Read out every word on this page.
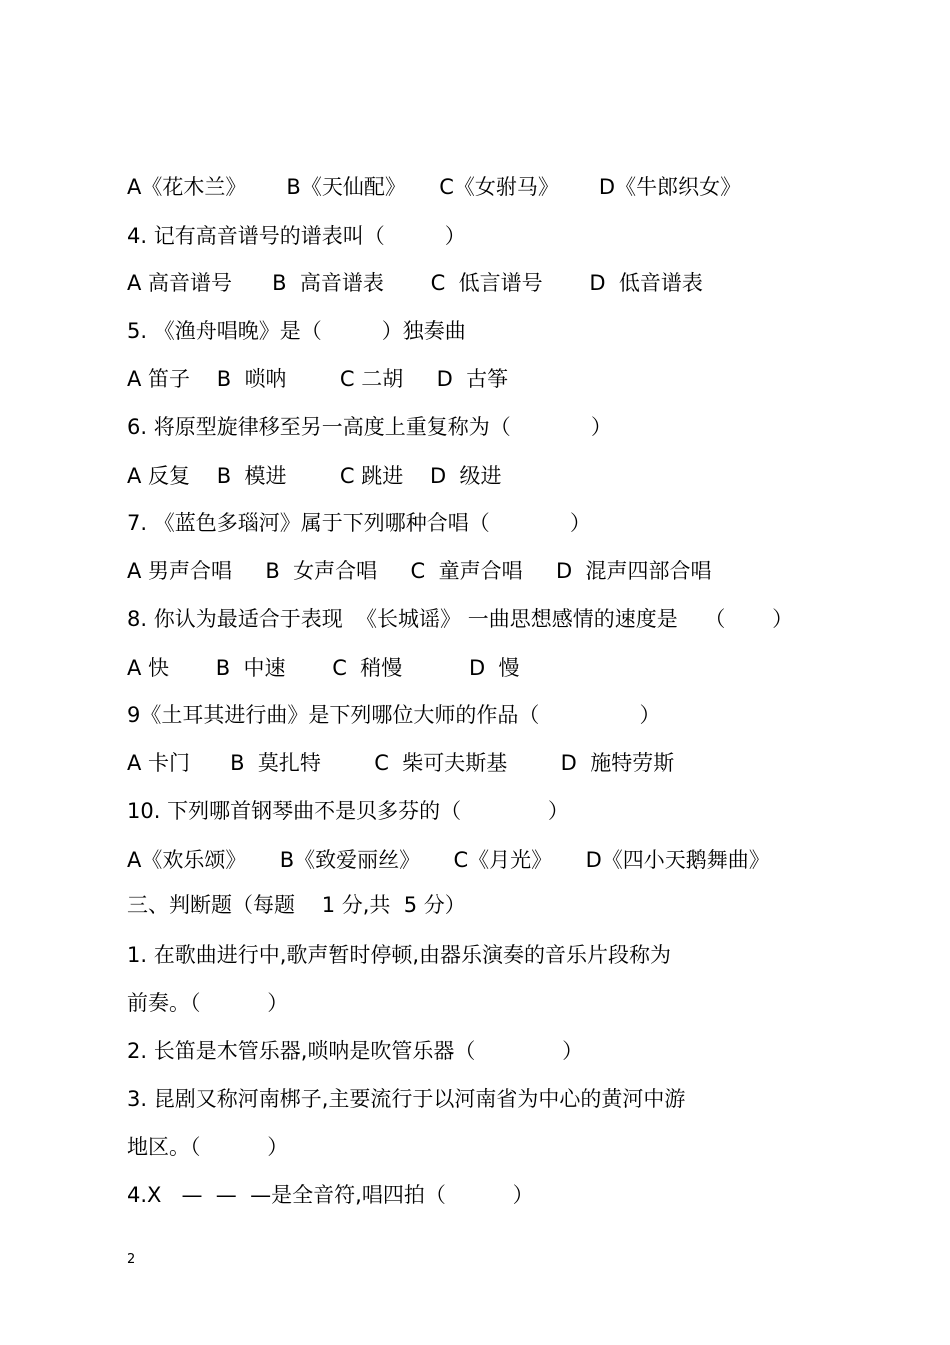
A《花木兰》      B《天仙配》     C《女驸马》      D《牛郎织女》
4. 记有高音谱号的谱表叫（         ）
A 高音谱号      B  高音谱表       C  低言谱号       D  低音谱表
5. 《渔舟唱晚》是（         ）独奏曲
A 笛子    B  唢呐        C 二胡     D  古筝
6. 将原型旋律移至另一高度上重复称为（            ）
A 反复    B  模进        C 跳进    D  级进
7. 《蓝色多瑙河》属于下列哪种合唱（            ）
A 男声合唱     B  女声合唱     C  童声合唱     D  混声四部合唱
8. 你认为最适合于表现  《长城谣》 一曲思想感情的速度是    （       ）
A 快       B  中速       C  稍慢          D  慢
9《土耳其进行曲》是下列哪位大师的作品（               ）
A 卡门      B  莫扎特        C  柴可夫斯基        D  施特劳斯
10. 下列哪首钢琴曲不是贝多芬的（             ）
A《欢乐颂》     B《致爱丽丝》     C《月光》     D《四小天鹅舞曲》
三、判断题（每题    1 分,共  5 分）
1. 在歌曲进行中,歌声暂时停顿,由器乐演奏的音乐片段称为
前奏。（          ）
2. 长笛是木管乐器,唢呐是吹管乐器（             ）
3. 昆剧又称河南梆子,主要流行于以河南省为中心的黄河中游
地区。（          ）
4.X   —  —  —是全音符,唱四拍（          ）
2
